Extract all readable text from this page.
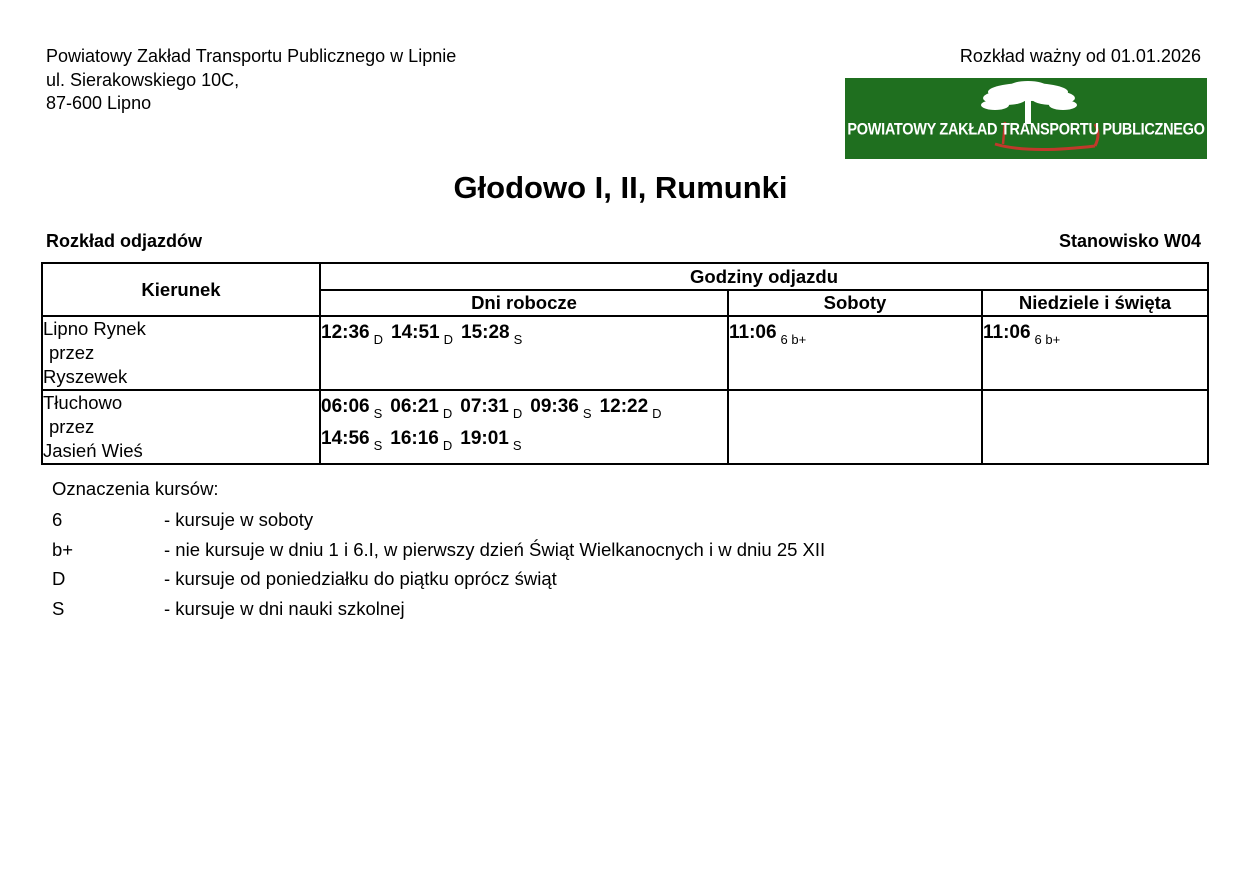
Powiatowy Zakład Transportu Publicznego w Lipnie
ul. Sierakowskiego 10C,
87-600 Lipno
Rozkład ważny od 01.01.2026
POWIATOWY ZAKŁAD TRANSPORTU PUBLICZNEGO
Głodowo I, II, Rumunki
Rozkład odjazdów	Stanowisko W04
Kierunek	Godziny odjazdu		
	Dni robocze	Soboty	Niedziele i święta

Lipno Rynek
przez
Ryszewek	12:36 $_D$ 14:51 $_D$ 15:28 $_S$	11:06 $_{6 b+}$	11:06 $_{6 b+}$

Tłuchowo
przez
Jasień Wieś	06:06 $_S$ 06:21 $_D$ 07:31 $_D$ 09:36 $_S$ 12:22 $_D$14:56 $_S$ 16:16 $_D$ 19:01 $_S$		
Oznaczenia kursów:
6	- kursuje w soboty
b+	- nie kursuje w dniu 1 i 6.I, w pierwszy dzień Świąt Wielkanocnych i w dniu 25 XII
D	- kursuje od poniedziałku do piątku oprócz świąt
S	- kursuje w dni nauki szkolnej
